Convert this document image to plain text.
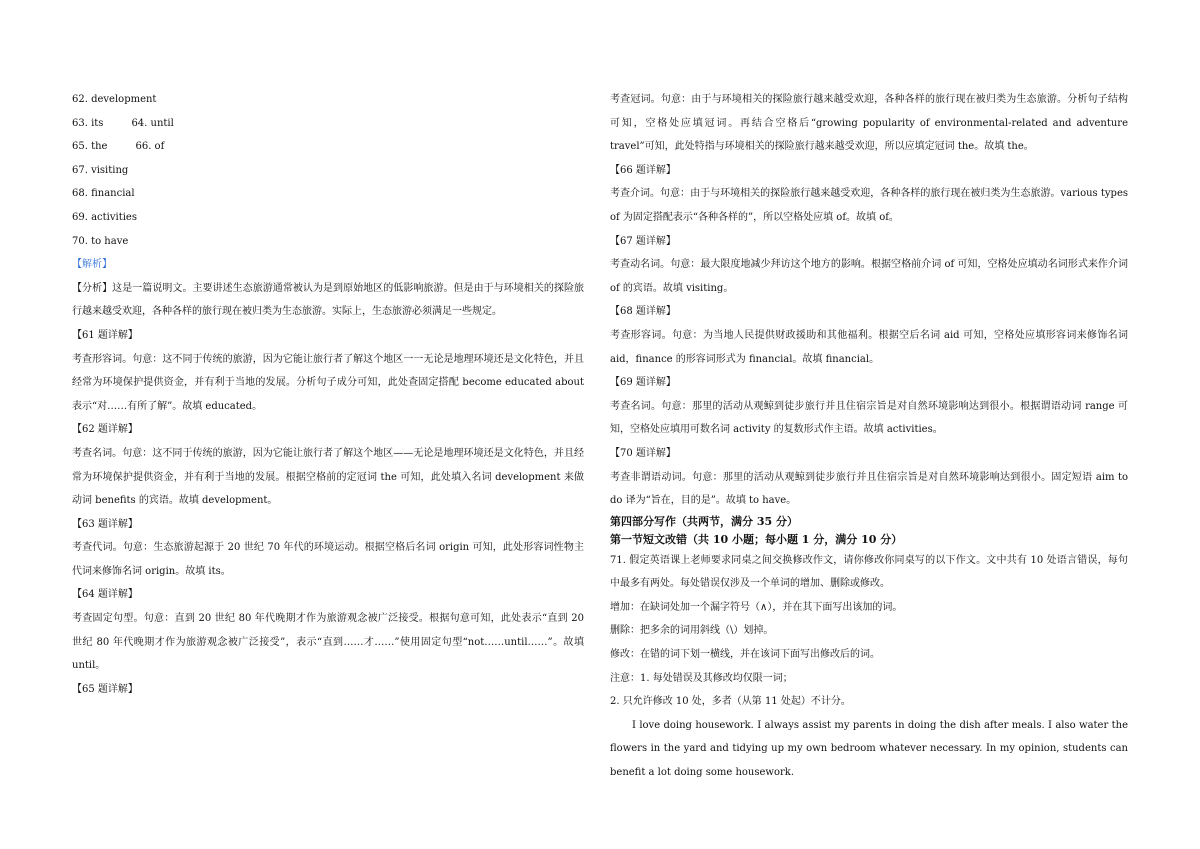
62. development
63. its	64. until
65. the	66. of
67. visiting
68. financial
69. activities
70. to have
【解析】
【分析】这是一篇说明文。主要讲述生态旅游通常被认为是到原始地区的低影响旅游。但是由于与环境相关的探险旅行越来越受欢迎，各种各样的旅行现在被归类为生态旅游。实际上，生态旅游必须满足一些规定。
【61 题详解】
考查形容词。句意：这不同于传统的旅游，因为它能让旅行者了解这个地区一一无论是地理环境还是文化特色，并且经常为环境保护提供资金，并有利于当地的发展。分析句子成分可知，此处查固定搭配 become educated about 表示“对……有所了解”。故填 educated。
【62 题详解】
考查名词。句意：这不同于传统的旅游，因为它能让旅行者了解这个地区——无论是地理环境还是文化特色，并且经常为环境保护提供资金，并有利于当地的发展。根据空格前的定冠词 the 可知，此处填入名词 development 来做动词 benefits 的宾语。故填 development。
【63 题详解】
考查代词。句意：生态旅游起源于 20 世纪 70 年代的环境运动。根据空格后名词 origin 可知，此处形容词性物主代词来修饰名词 origin。故填 its。
【64 题详解】
考查固定句型。句意：直到 20 世纪 80 年代晚期才作为旅游观念被广泛接受。根据句意可知，此处表示“直到 20 世纪 80 年代晚期才作为旅游观念被广泛接受”，表示“直到……才……”使用固定句型“not……until……”。故填 until。
【65 题详解】
考查冠词。句意：由于与环境相关的探险旅行越来越受欢迎，各种各样的旅行现在被归类为生态旅游。分析句子结构可知，空格处应填冠词。再结合空格后“growing popularity of environmental-related and adventure travel”可知，此处特指与环境相关的探险旅行越来越受欢迎，所以应填定冠词 the。故填 the。
【66 题详解】
考查介词。句意：由于与环境相关的探险旅行越来越受欢迎，各种各样的旅行现在被归类为生态旅游。various types of 为固定搭配表示“各种各样的”，所以空格处应填 of。故填 of。
【67 题详解】
考查动名词。句意：最大限度地减少拜访这个地方的影响。根据空格前介词 of 可知，空格处应填动名词形式来作介词 of 的宾语。故填 visiting。
【68 题详解】
考查形容词。句意：为当地人民提供财政援助和其他福利。根据空后名词 aid 可知，空格处应填形容词来修饰名词 aid，finance 的形容词形式为 financial。故填 financial。
【69 题详解】
考查名词。句意：那里的活动从观鲸到徒步旅行并且住宿宗旨是对自然环境影响达到很小。根据谓语动词 range 可知，空格处应填用可数名词 activity 的复数形式作主语。故填 activities。
【70 题详解】
考查非谓语动词。句意：那里的活动从观鲸到徒步旅行并且住宿宗旨是对自然环境影响达到很小。固定短语 aim to do 译为“旨在，目的是”。故填 to have。
第四部分写作（共两节，满分 35 分）
第一节短文改错（共 10 小题；每小题 1 分，满分 10 分）
71. 假定英语课上老师要求同桌之间交换修改作文，请你修改你同桌写的以下作文。文中共有 10 处语言错误，每句中最多有两处。每处错误仅涉及一个单词的增加、删除或修改。
增加：在缺词处加一个漏字符号（∧），并在其下面写出该加的词。
删除：把多余的词用斜线（\）划掉。
修改：在错的词下划一横线，并在该词下面写出修改后的词。
注意：1. 每处错误及其修改均仅限一词；
2. 只允许修改 10 处，多者（从第 11 处起）不计分。
I love doing housework. I always assist my parents in doing the dish after meals. I also water the flowers in the yard and tidying up my own bedroom whatever necessary. In my opinion, students can benefit a lot doing some housework.
